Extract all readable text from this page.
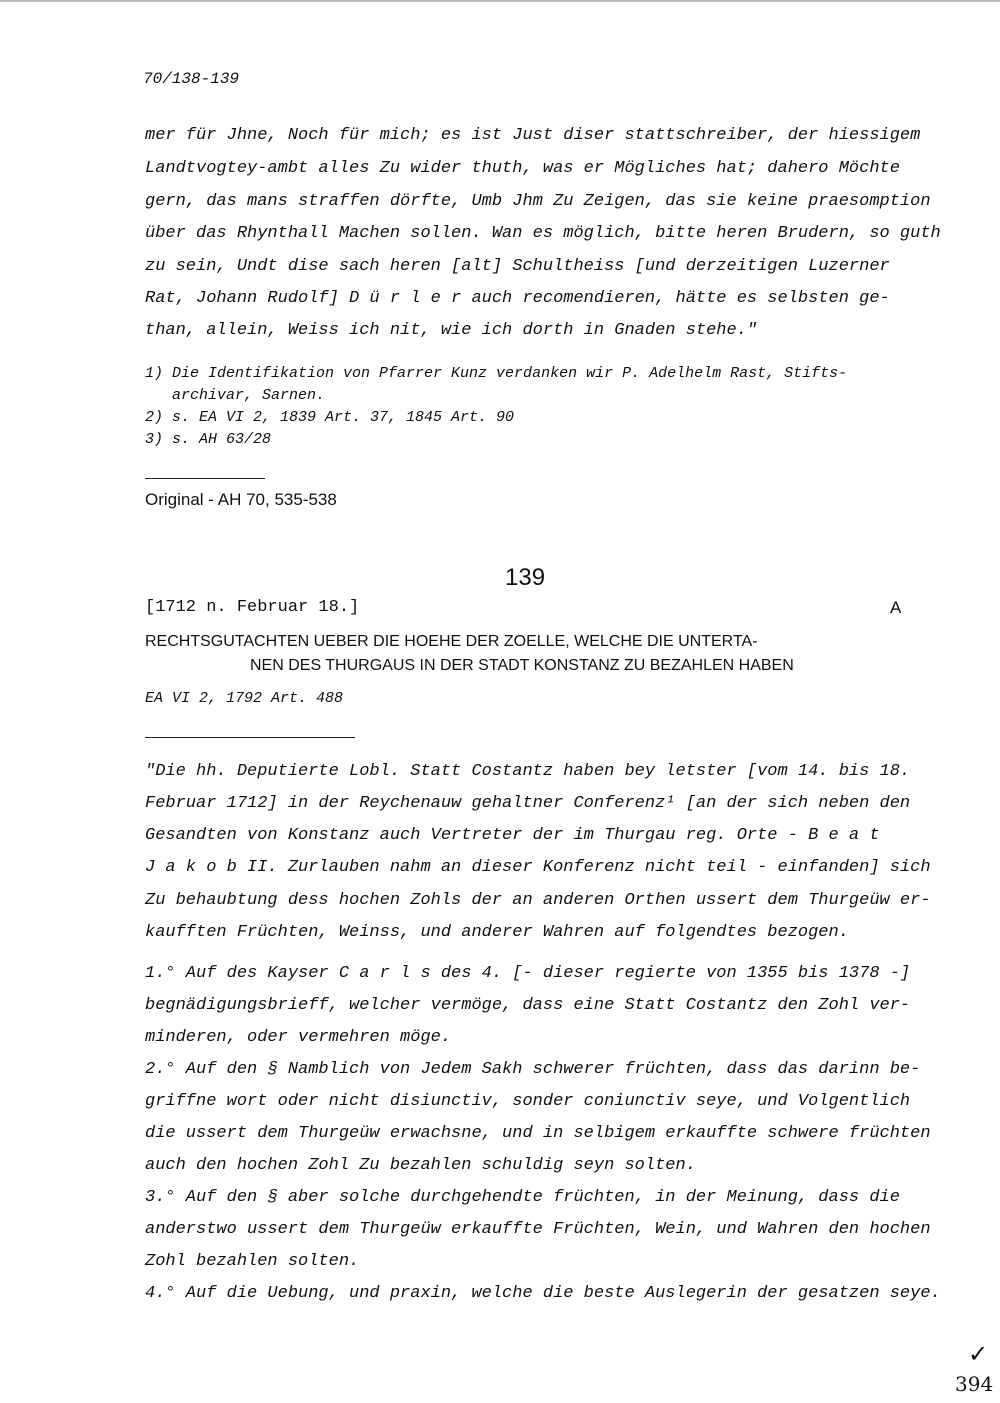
70/138-139
mer für Jhne, Noch für mich; es ist Just diser stattschreiber, der hiessigem
Landtvogtey-ambt alles Zu wider thuth, was er Mögliches hat; dahero Möchte
gern, das mans straffen dörfte, Umb Jhm Zu Zeigen, das sie keine praesomption
über das Rhynthall Machen sollen. Wan es möglich, bitte heren Brudern, so guth
zu sein, Undt dise sach heren [alt] Schultheiss [und derzeitigen Luzerner
Rat, Johann Rudolf] D ü r l e r auch recomendieren, hätte es selbsten ge-
than, allein, Weiss ich nit, wie ich dorth in Gnaden stehe."
1) Die Identifikation von Pfarrer Kunz verdanken wir P. Adelhelm Rast, Stifts-
archivar, Sarnen.
2) s. EA VI 2, 1839 Art. 37, 1845 Art. 90
3) s. AH 63/28
Original - AH 70, 535-538
139
[1712 n. Februar 18.]	A
RECHTSGUTACHTEN UEBER DIE HOEHE DER ZOELLE, WELCHE DIE UNTERTA-
NEN DES THURGAUS IN DER STADT KONSTANZ ZU BEZAHLEN HABEN
EA VI 2, 1792 Art. 488
"Die hh. Deputierte Lobl. Statt Costantz haben bey letster [vom 14. bis 18.
Februar 1712] in der Reychenauw gehaltner Conferenz¹ [an der sich neben den
Gesandten von Konstanz auch Vertreter der im Thurgau reg. Orte - B e a t
J a k o b II. Zurlauben nahm an dieser Konferenz nicht teil - einfanden] sich
Zu behaubtung dess hochen Zohls der an anderen Orthen ussert dem Thurgeüw er-
kaufften Früchten, Weinss, und anderer Wahren auf folgendtes bezogen.
1.° Auf des Kayser C a r l s des 4. [- dieser regierte von 1355 bis 1378 -]
begnädigungsbrieff, welcher vermöge, dass eine Statt Costantz den Zohl ver-
minderen, oder vermehren möge.
2.° Auf den § Namblich von Jedem Sakh schwerer früchten, dass das darinn be-
griffne wort oder nicht disiunctiv, sonder coniunctiv seye, und Volgentlich
die ussert dem Thurgeüw erwachsne, und in selbigem erkauffte schwere früchten
auch den hochen Zohl Zu bezahlen schuldig seyn solten.
3.° Auf den § aber solche durchgehendte früchten, in der Meinung, dass die
anderstwo ussert dem Thurgeüw erkauffte Früchten, Wein, und Wahren den hochen
Zohl bezahlen solten.
4.° Auf die Uebung, und praxin, welche die beste Auslegerin der gesatzen seye.
✓
394
